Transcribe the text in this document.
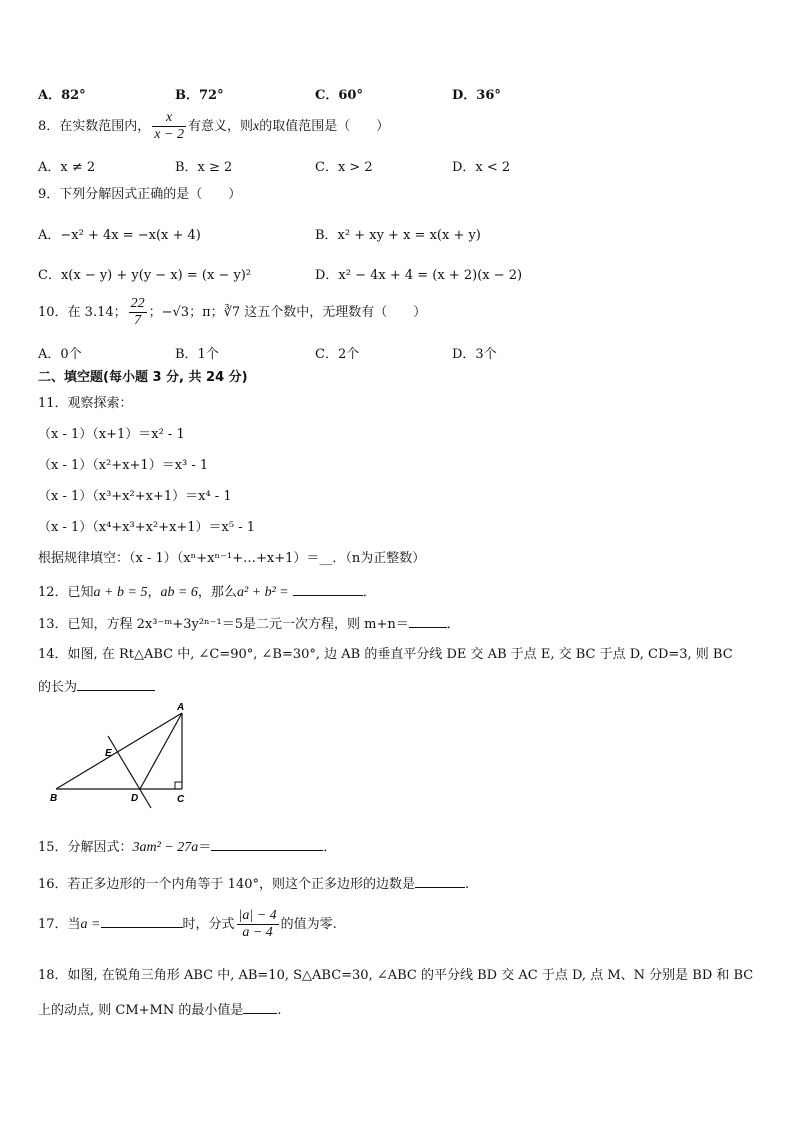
A．82°	B．72°	C．60°	D．36°
8．在实数范围内， $\frac{x}{x - 2}$ 有意义，则x的取值范围是（　　）
A．x ≠ 2	B．x ≥ 2	C．x > 2	D．x < 2
9．下列分解因式正确的是（　　）
A．−x² + 4x = −x(x + 4)	B．x² + xy + x = x(x + y)
C．x(x − y) + y(y − x) = (x − y)²	D．x² − 4x + 4 = (x + 2)(x − 2)
10．在 3.14； $\frac{22}{7}$ ；−√3；π；∛7 这五个数中，无理数有（　　）
A．0个	B．1个	C．2个	D．3个
二、填空题(每小题 3 分, 共 24 分)
11．观察探索：
（x - 1）（x+1）＝x² - 1
（x - 1）（x²+x+1）＝x³ - 1
（x - 1）（x³+x²+x+1）＝x⁴ - 1
（x - 1）（x⁴+x³+x²+x+1）＝x⁵ - 1
根据规律填空：（x - 1）（xⁿ+xⁿ⁻¹+…+x+1）＝__．（n为正整数）
12．已知a + b = 5，ab = 6，那么a² + b² =	．
13．已知，方程 2x³⁻ᵐ+3y²ⁿ⁻¹＝5是二元一次方程，则 m+n＝	．
14．如图, 在 Rt△ABC 中, ∠C=90°, ∠B=30°, 边 AB 的垂直平分线 DE 交 AB 于点 E, 交 BC 于点 D, CD=3, 则 BC
的长为
A
B	C
D
E
15．分解因式：3am² − 27a＝	．
16．若正多边形的一个内角等于 140°，则这个正多边形的边数是	.
17．当a =	时，分式 $\frac{|a| - 4}{a - 4}$ 的值为零.
18．如图, 在锐角三角形 ABC 中, AB=10, S△ABC=30, ∠ABC 的平分线 BD 交 AC 于点 D, 点 M、N 分别是 BD 和 BC
上的动点, 则 CM+MN 的最小值是	.
